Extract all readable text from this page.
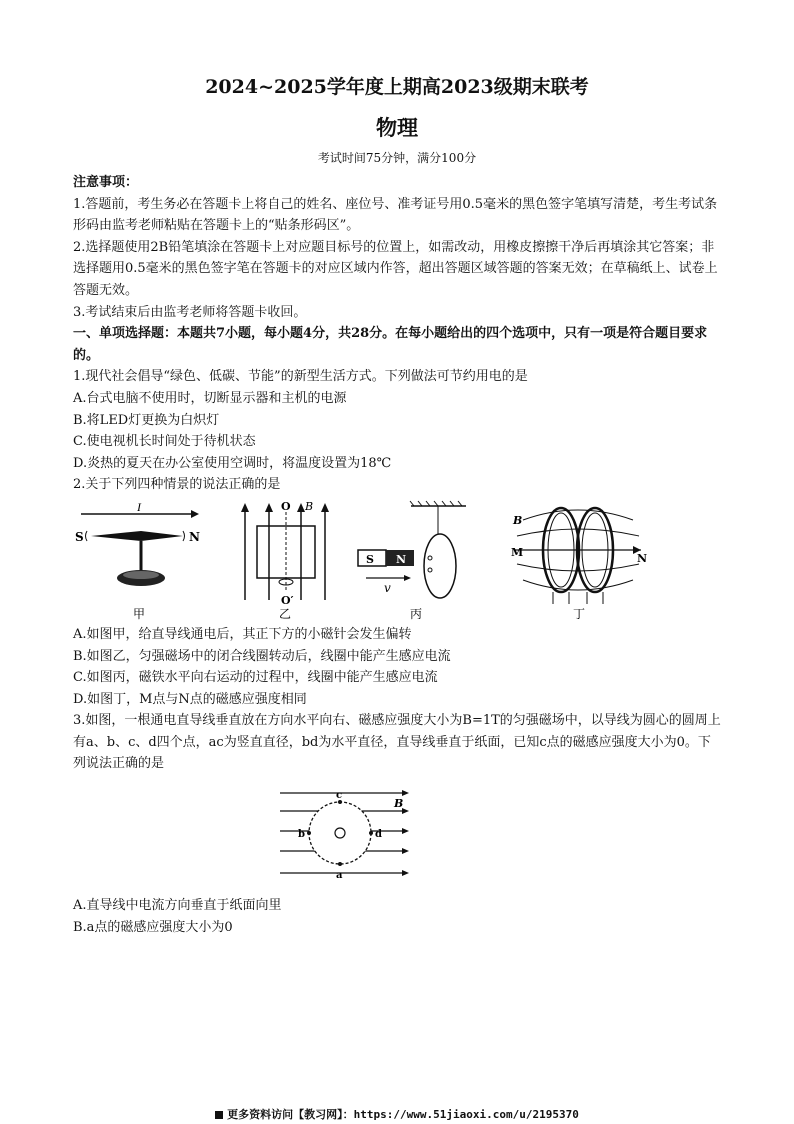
2024~2025学年度上期高2023级期末联考
物理
考试时间75分钟，满分100分

注意事项：

1.答题前，考生务必在答题卡上将自己的姓名、座位号、准考证号用0.5毫米的黑色签字笔填写清楚，考生考试条形码由监考老师粘贴在答题卡上的“贴条形码区”。

2.选择题使用2B铅笔填涂在答题卡上对应题目标号的位置上，如需改动，用橡皮擦擦干净后再填涂其它答案；非选择题用0.5毫米的黑色签字笔在答题卡的对应区域内作答，超出答题区域答题的答案无效；在草稿纸上、试卷上答题无效。

3.考试结束后由监考老师将答题卡收回。

一、单项选择题：本题共7小题，每小题4分，共28分。在每小题给出的四个选项中，只有一项是符合题目要求的。

1.现代社会倡导“绿色、低碳、节能”的新型生活方式。下列做法可节约用电的是

A.台式电脑不使用时，切断显示器和主机的电源

B.将LED灯更换为白炽灯

C.使电视机长时间处于待机状态

D.炎热的夏天在办公室使用空调时，将温度设置为18℃

2.关于下列四种情景的说法正确的是

I
S	N
甲
O
O′
B
乙
S N
v
丙
B
M	N
丁

A.如图甲，给直导线通电后，其正下方的小磁针会发生偏转

B.如图乙，匀强磁场中的闭合线圈转动后，线圈中能产生感应电流

C.如图丙，磁铁水平向右运动的过程中，线圈中能产生感应电流

D.如图丁，M点与N点的磁感应强度相同

3.如图，一根通电直导线垂直放在方向水平向右、磁感应强度大小为B=1T的匀强磁场中，以导线为圆心的圆周上有a、b、c、d四个点，ac为竖直直径，bd为水平直径，直导线垂直于纸面，已知c点的磁感应强度大小为0。下列说法正确的是

c
a
b	d
B

A.直导线中电流方向垂直于纸面向里

B.a点的磁感应强度大小为0

更多资料访问【教习网】：https://www.51jiaoxi.com/u/2195370
